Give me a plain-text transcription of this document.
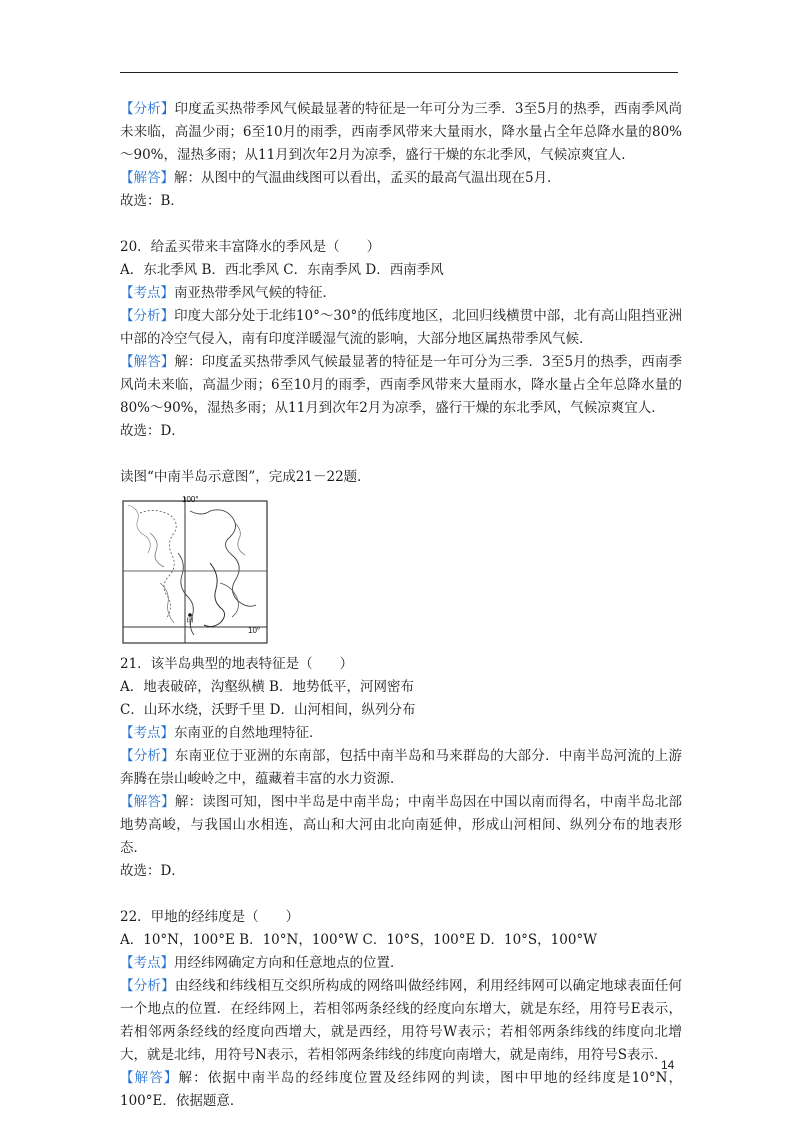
【分析】印度孟买热带季风气候最显著的特征是一年可分为三季．3至5月的热季，西南季风尚未来临，高温少雨；6至10月的雨季，西南季风带来大量雨水，降水量占全年总降水量的80%～90%，湿热多雨；从11月到次年2月为凉季，盛行干燥的东北季风，气候凉爽宜人．

【解答】解：从图中的气温曲线图可以看出，孟买的最高气温出现在5月．

故选：B．

20．给孟买带来丰富降水的季风是（　　）

A．东北季风 B．西北季风 C．东南季风 D．西南季风

【考点】南亚热带季风气候的特征．

【分析】印度大部分处于北纬10°～30°的低纬度地区，北回归线横贯中部，北有高山阻挡亚洲中部的冷空气侵入，南有印度洋暖湿气流的影响，大部分地区属热带季风气候．

【解答】解：印度孟买热带季风气候最显著的特征是一年可分为三季．3至5月的热季，西南季风尚未来临，高温少雨；6至10月的雨季，西南季风带来大量雨水，降水量占全年总降水量的80%～90%，湿热多雨；从11月到次年2月为凉季，盛行干燥的东北季风，气候凉爽宜人．

故选：D．

读图“中南半岛示意图”，完成21－22题．

100°
10°
甲

21．该半岛典型的地表特征是（　　）

A．地表破碎，沟壑纵横 B．地势低平，河网密布

C．山环水绕，沃野千里 D．山河相间，纵列分布

【考点】东南亚的自然地理特征．

【分析】东南亚位于亚洲的东南部，包括中南半岛和马来群岛的大部分．中南半岛河流的上游奔腾在崇山峻岭之中，蕴藏着丰富的水力资源．

【解答】解：读图可知，图中半岛是中南半岛；中南半岛因在中国以南而得名，中南半岛北部地势高峻，与我国山水相连，高山和大河由北向南延伸，形成山河相间、纵列分布的地表形态．

故选：D．

22．甲地的经纬度是（　　）

A．10°N，100°E B．10°N，100°W C．10°S，100°E D．10°S，100°W

【考点】用经纬网确定方向和任意地点的位置．

【分析】由经线和纬线相互交织所构成的网络叫做经纬网，利用经纬网可以确定地球表面任何一个地点的位置．在经纬网上，若相邻两条经线的经度向东增大，就是东经，用符号E表示，若相邻两条经线的经度向西增大，就是西经，用符号W表示；若相邻两条纬线的纬度向北增大，就是北纬，用符号N表示，若相邻两条纬线的纬度向南增大，就是南纬，用符号S表示．

【解答】解：依据中南半岛的经纬度位置及经纬网的判读，图中甲地的经纬度是10°N，100°E．依据题意．

14
